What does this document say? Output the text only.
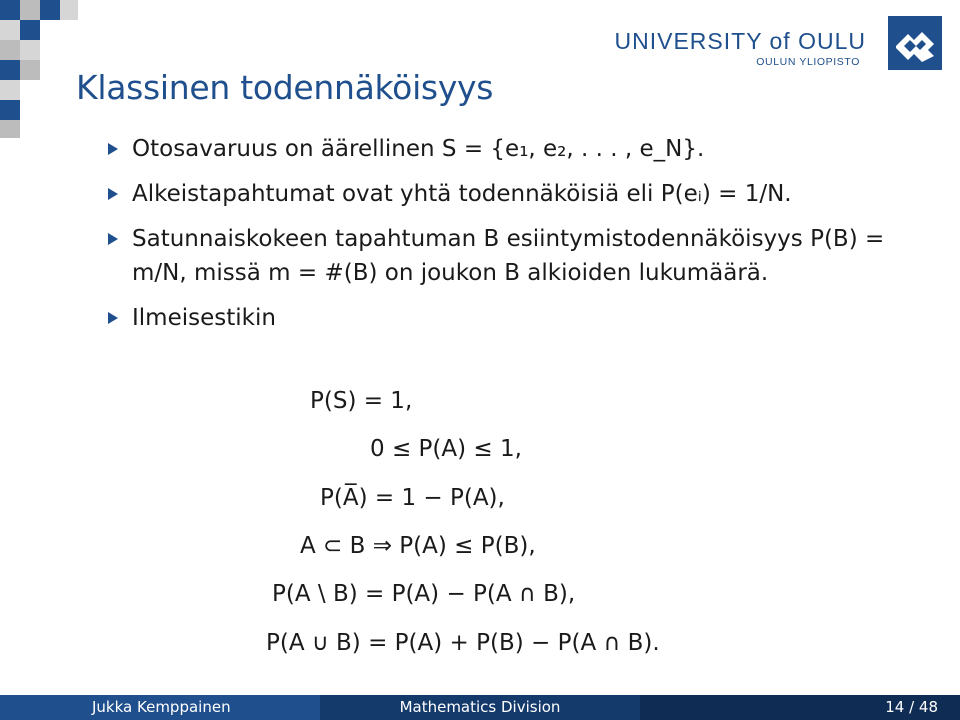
UNIVERSITY of OULU
OULUN YLIOPISTO
Klassinen todennäköisyys
Otosavaruus on äärellinen S = {e₁, e₂, . . . , e_N}.
Alkeistapahtumat ovat yhtä todennäköisiä eli P(eᵢ) = 1/N.
Satunnaiskokeen tapahtuman B esiintymistodennäköisyys P(B) = m/N, missä m = #(B) on joukon B alkioiden lukumäärä.
Ilmeisestikin
P(S) = 1,
0 ≤ P(A) ≤ 1,
P(A̅) = 1 − P(A),
A ⊂ B ⇒ P(A) ≤ P(B),
P(A \ B) = P(A) − P(A ∩ B),
P(A ∪ B) = P(A) + P(B) − P(A ∩ B).
Jukka Kemppainen	Mathematics Division	14 / 48
